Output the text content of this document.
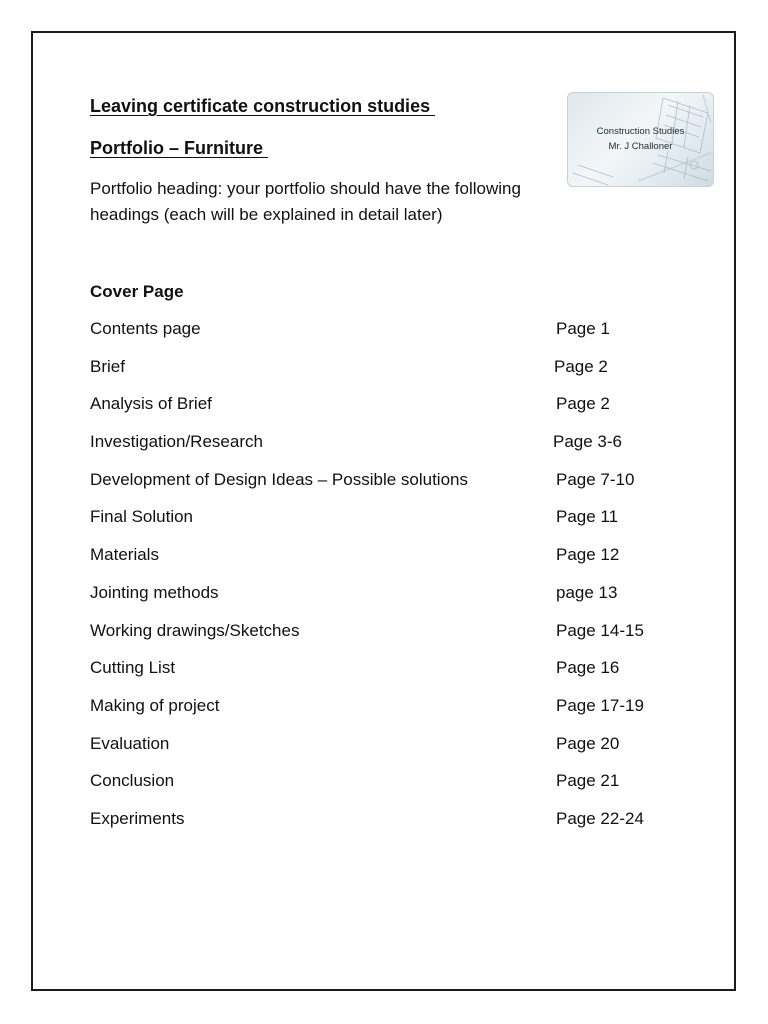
Leaving certificate construction studies
Portfolio – Furniture
Construction Studies
Mr. J Challoner
Portfolio heading: your portfolio should have the following headings (each will be explained in detail later)
Cover Page
Contents page	Page 1
Brief	Page 2
Analysis of Brief	Page 2
Investigation/Research	Page 3-6
Development of Design Ideas – Possible solutions	Page 7-10
Final Solution	Page 11
Materials	Page 12
Jointing methods	page 13
Working drawings/Sketches	Page 14-15
Cutting List	Page 16
Making of project	Page 17-19
Evaluation	Page 20
Conclusion	Page 21
Experiments	Page 22-24
